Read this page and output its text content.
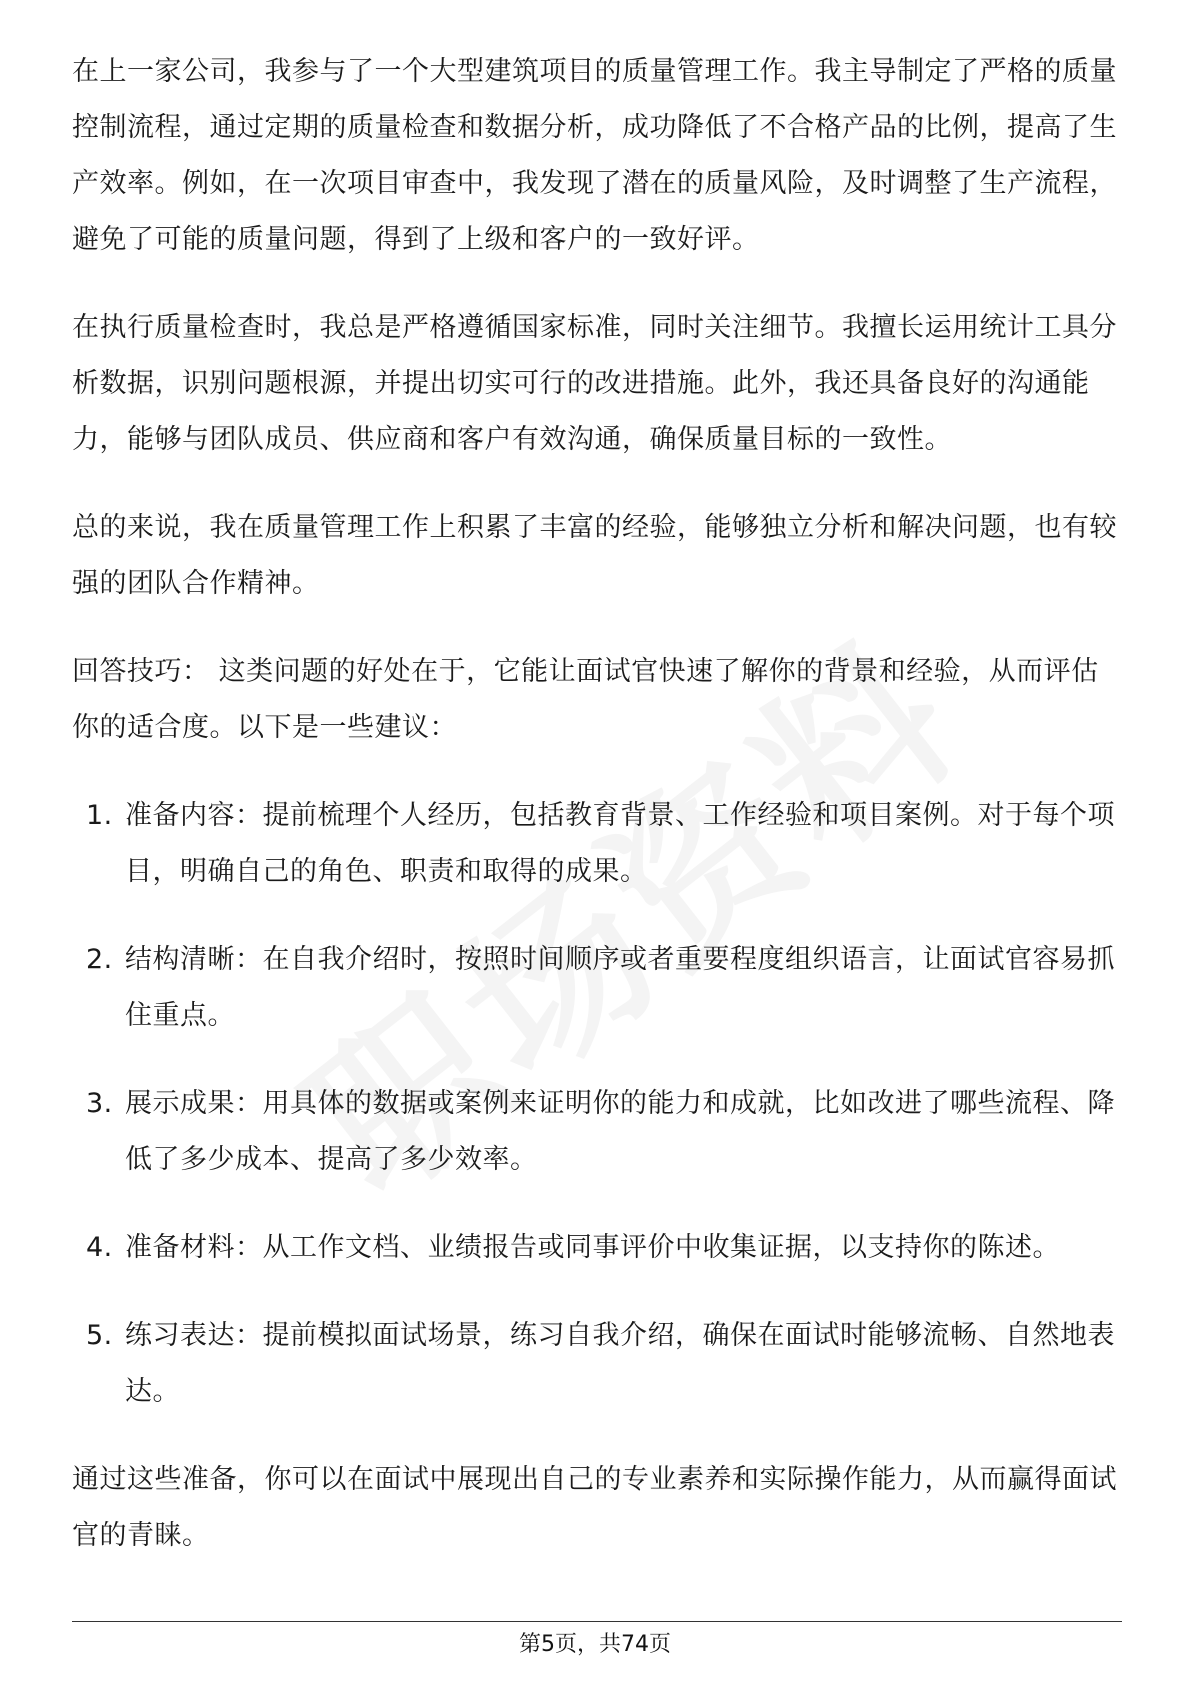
在上一家公司，我参与了一个大型建筑项目的质量管理工作。我主导制定了严格的质量控制流程，通过定期的质量检查和数据分析，成功降低了不合格产品的比例，提高了生产效率。例如，在一次项目审查中，我发现了潜在的质量风险，及时调整了生产流程，避免了可能的质量问题，得到了上级和客户的一致好评。

在执行质量检查时，我总是严格遵循国家标准，同时关注细节。我擅长运用统计工具分析数据，识别问题根源，并提出切实可行的改进措施。此外，我还具备良好的沟通能力，能够与团队成员、供应商和客户有效沟通，确保质量目标的一致性。

总的来说，我在质量管理工作上积累了丰富的经验，能够独立分析和解决问题，也有较强的团队合作精神。

回答技巧： 这类问题的好处在于，它能让面试官快速了解你的背景和经验，从而评估你的适合度。以下是一些建议：

1. 准备内容：提前梳理个人经历，包括教育背景、工作经验和项目案例。对于每个项目，明确自己的角色、职责和取得的成果。
2. 结构清晰：在自我介绍时，按照时间顺序或者重要程度组织语言，让面试官容易抓住重点。
3. 展示成果：用具体的数据或案例来证明你的能力和成就，比如改进了哪些流程、降低了多少成本、提高了多少效率。
4. 准备材料：从工作文档、业绩报告或同事评价中收集证据，以支持你的陈述。
5. 练习表达：提前模拟面试场景，练习自我介绍，确保在面试时能够流畅、自然地表达。

通过这些准备，你可以在面试中展现出自己的专业素养和实际操作能力，从而赢得面试官的青睐。

第5页，共74页
